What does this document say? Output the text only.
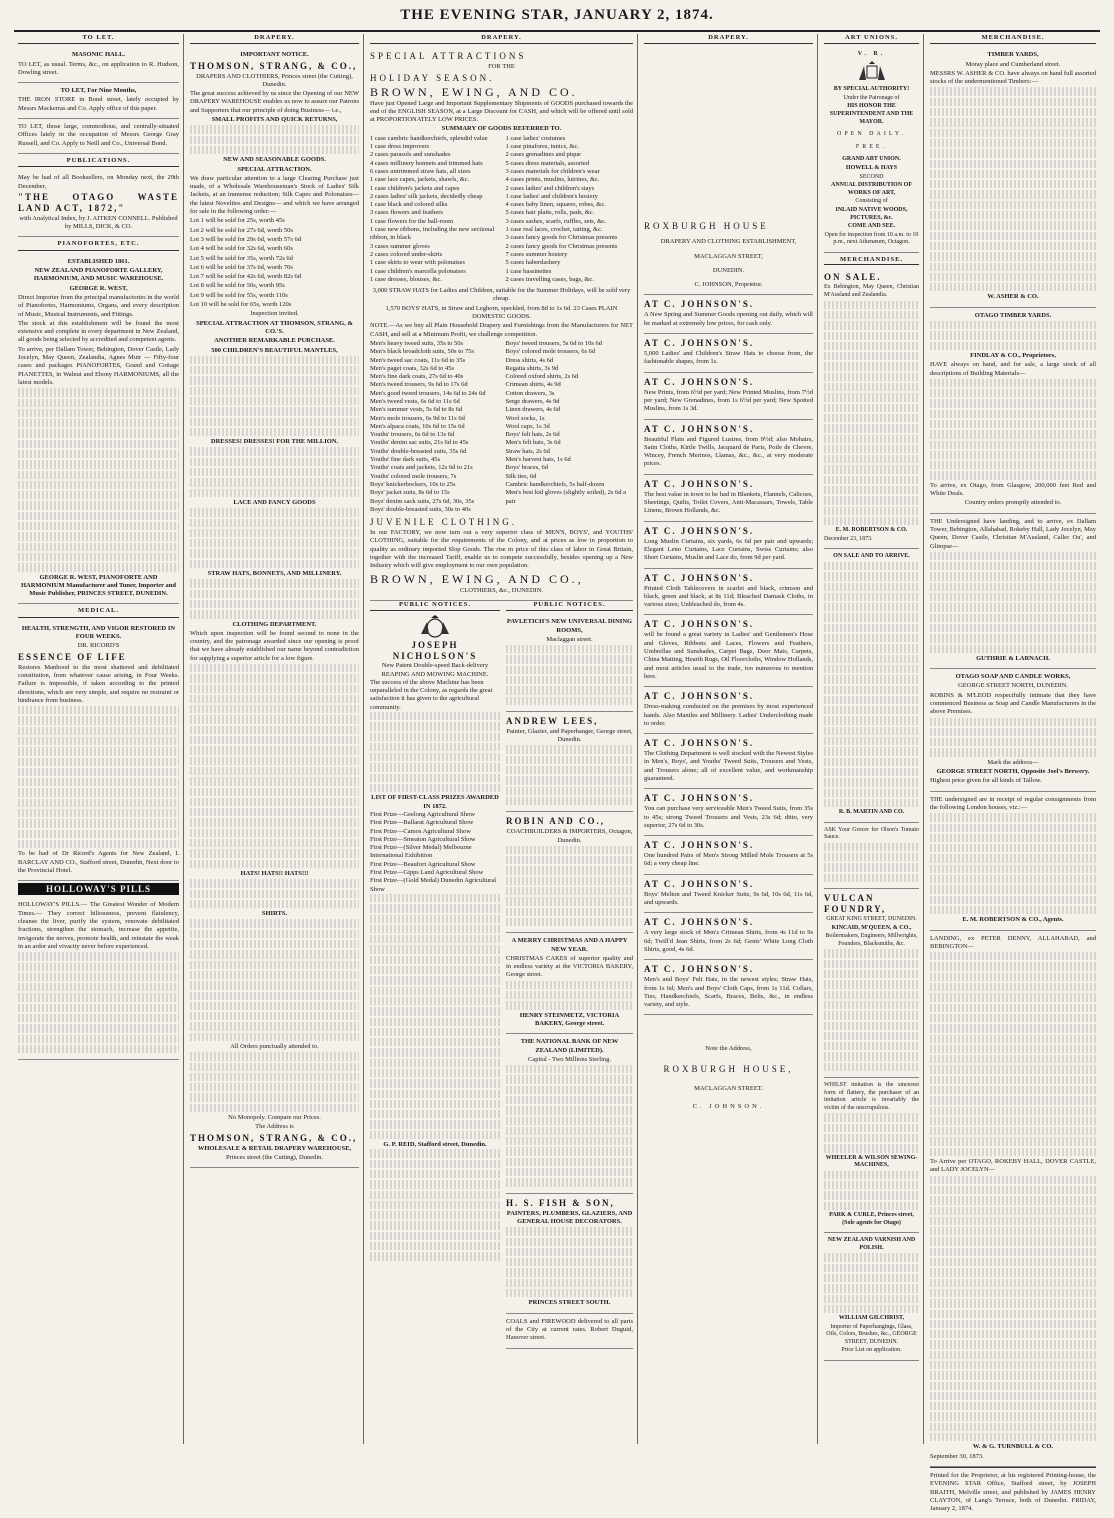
THE EVENING STAR, JANUARY 2, 1874.
TO LET.

MASONIC HALL.

TO LET, as usual. Terms, &c., on application to R. Hudson, Dowling street.

TO LET, For Nine Months,

THE IRON STORE in Bond street, lately occupied by Messrs Mackerras and Co. Apply office of this paper.

TO LET, those large, commodious, and centrally-situated Offices lately in the occupation of Messrs George Gray Russell, and Co. Apply to Neill and Co., Universal Bond.

PUBLICATIONS.

May be had of all Booksellers, on Monday next, the 29th December,

"THE OTAGO WASTE LAND ACT, 1872,"

with Analytical Index, by J. AITKEN CONNELL. Published by MILLS, DICK, & CO.

PIANOFORTES, ETC.

ESTABLISHED 1861.

NEW ZEALAND PIANOFORTE GALLERY, HARMONIUM, AND MUSIC WAREHOUSE.

GEORGE R. WEST,

Direct Importer from the principal manufactories in the world of Pianofortes, Harmoniums, Organs, and every description of Music, Musical Instruments, and Fittings.

The stock at this establishment will be found the most extensive and complete in every department in New Zealand, all goods being selected by accredited and competent agents.

To arrive, per Dallam Tower, Bebington, Dover Castle, Lady Jocelyn, May Queen, Zealandia, Agnes Muir — Fifty-four cases and packages PIANOFORTES, Grand and Cottage PIANETTES, in Walnut and Ebony HARMONIUMS, all the latest models.

GEORGE R. WEST, PIANOFORTE AND HARMONIUM Manufacturer and Tuner, Importer and Music Publisher, PRINCES STREET, DUNEDIN.

MEDICAL.

HEALTH, STRENGTH, AND VIGOR RESTORED IN FOUR WEEKS.

DR. RICORD'S

ESSENCE OF LIFE

Restores Manhood to the most shattered and debilitated constitution, from whatever cause arising, in Four Weeks. Failure is impossible, if taken according to the printed directions, which are very simple, and require no restraint or hindrance from business.

To be had of Dr Ricord's Agents for New Zealand, I. BARCLAY AND CO., Stafford street, Dunedin, Next door to the Provincial Hotel.

HOLLOWAY'S PILLS

HOLLOWAY'S PILLS.— The Greatest Wonder of Modern Times.— They correct biliousness, prevent flatulency, cleanse the liver, purify the system, renovate debilitated fractions, strengthen the stomach, increase the appetite, invigorate the nerves, promote health, and reinstate the weak in an ardor and vivacity never before experienced.

DRAPERY.

IMPORTANT NOTICE.

THOMSON, STRANG, & CO.,

DRAPERS AND CLOTHIERS, Princes street (the Cutting), Dunedin.

The great success achieved by us since the Opening of our NEW DRAPERY WAREHOUSE enables us now to assure our Patrons and Supporters that our principle of doing Business— i.e.,

SMALL PROFITS AND QUICK RETURNS,

NEW AND SEASONABLE GOODS.

SPECIAL ATTRACTION.

We draw particular attention to a large Clearing Purchase just made, of a Wholesale Warehouseman's Stock of Ladies' Silk Jackets, at an immense reduction; Silk Capes and Polonaises— the latest Novelties and Designs— and which we have arranged for sale in the following order:—

Lot 1 will be sold for 25s, worth 45s

Lot 2 will be sold for 27s 6d, worth 50s

Lot 3 will be sold for 29s 6d, worth 57s 6d

Lot 4 will be sold for 32s 6d, worth 60s

Lot 5 will be sold for 35s, worth 72s 6d

Lot 6 will be sold for 37s 6d, worth 70s

Lot 7 will be sold for 42s 6d, worth 82s 6d

Lot 8 will be sold for 50s, worth 95s

Lot 9 will be sold for 55s, worth 110s

Lot 10 will be sold for 65s, worth 120s

Inspection invited.

SPECIAL ATTRACTION AT THOMSON, STRANG, & CO.'S.

ANOTHER REMARKABLE PURCHASE.

500 CHILDREN'S BEAUTIFUL MANTLES,

DRESSES! DRESSES! FOR THE MILLION.

LACE AND FANCY GOODS

STRAW HATS, BONNETS, AND MILLINERY.

CLOTHING DEPARTMENT.

Which upon inspection will be found second to none in the country, and the patronage awarded since our opening is proof that we have already established our name beyond contradiction for supplying a superior article for a low figure.

HATS! HATS!! HATS!!!

SHIRTS.

All Orders punctually attended to.

No Monopoly. Compare our Prices.

The Address is

THOMSON, STRANG, & CO.,

WHOLESALE & RETAIL DRAPERY WAREHOUSE,

Princes street (the Cutting), Dunedin.

DRAPERY.

SPECIAL ATTRACTIONS

FOR THE

HOLIDAY SEASON.

BROWN, EWING, AND CO.

Have just Opened Large and Important Supplementary Shipments of GOODS purchased towards the end of the ENGLISH SEASON, at a Large Discount for CASH, and which will be offered until sold at PROPORTIONATELY LOW PRICES.

SUMMARY OF GOODS REFERRED TO.

1 case cambric handkerchiefs, splendid value

1 case dress improvers

2 cases parasols and sunshades

4 cases millinery bonnets and trimmed hats

6 cases untrimmed straw hats, all sizes

1 case lace capes, jackets, shawls, &c.

1 case children's jackets and capes

2 cases ladies' silk jackets, decidedly cheap

1 case black and colored silks

3 cases flowers and feathers

1 case flowers for the ball-room

1 case new ribbons, including the new sectional ribbon, in black

3 cases summer gloves

2 cases colored under-skirts

1 case skirts to wear with polonaises

1 case children's marcella polonaises

1 case dresses, blouses, &c.

1 case ladies' costumes

1 case pinafores, tunics, &c.

2 cases grenadines and pique

5 cases dress materials, assorted

3 cases materials for children's wear

4 cases prints, muslins, lutrines, &c.

2 cases ladies' and children's stays

1 case ladies' and children's hosiery

4 cases baby linen, squares, robes, &c.

5 cases hair plaits, rolls, pads, &c.

3 cases sashes, scarfs, ruffles, sets, &c.

1 case real laces, crochet, tatting, &c.

3 cases fancy goods for Christmas presents

2 cases fancy goods for Christmas presents

7 cases summer hosiery

5 cases haberdashery

1 case bassinettes

2 cases travelling cases, bags, &c.

3,000 STRAW HATS for Ladies and Children, suitable for the Summer Holidays, will be sold very cheap.

1,570 BOYS' HATS, in Straw and Leghorn, speckled, from 8d to 1s 6d. 23 Cases PLAIN DOMESTIC GOODS.

NOTE.—As we buy all Plain Household Drapery and Furnishings from the Manufacturers for NET CASH, and sell at a Minimum Profit, we challenge competition.

Men's heavy tweed suits, 35s to 50s

Men's black broadcloth suits, 50s to 75s

Men's tweed sac coats, 11s 6d to 35s

Men's paget coats, 32s 6d to 45s

Men's fine dark coats, 27s 6d to 40s

Men's tweed trousers, 9s 6d to 17s 6d

Men's good tweed trousers, 14s 6d to 24s 6d

Men's tweed vests, 6s 6d to 11s 6d

Men's summer vests, 5s 6d to 8s 6d

Men's mole trousers, 6s 9d to 11s 6d

Men's alpaca coats, 10s 6d to 15s 6d

Youths' trousers, 6s 6d to 13s 6d

Youths' denim sac suits, 21s 6d to 45s

Youths' double-breasted suits, 35s 6d

Youths' fine dark suits, 45s

Youths' coats and jackets, 12s 6d to 21s

Youths' colored mole trousers, 7s

Boys' knickerbockers, 10s to 25s

Boys' jacket suits, 8s 6d to 15s

Boys' denim sack suits, 27s 6d, 30s, 35s

Boys' double-breasted suits, 30s to 40s

Boys' tweed trousers, 5s 6d to 10s 6d

Boys' colored mole trousers, 6s 6d

Dress shirts, 4s 6d

Regatta shirts, 3s 9d

Colored oxford shirts, 2s 6d

Crimean shirts, 4s 9d

Cotton drawers, 3s

Serge drawers, 4s 9d

Linen drawers, 4s 6d

Wool socks, 1s

Wool caps, 1s 3d

Boys' felt hats, 2s 6d

Men's felt hats, 3s 6d

Straw hats, 2s 6d

Men's harvest hats, 1s 6d

Boys' braces, 6d

Silk ties, 6d

Cambric handkerchiefs, 5s half-dozen

Men's best kid gloves (slightly soiled), 2s 6d a pair

JUVENILE CLOTHING.

In our FACTORY, we now turn out a very superior class of MEN'S, BOYS', and YOUTHS' CLOTHING, suitable for the requirements of the Colony, and at prices as low in proportion to quality as ordinary imported Slop Goods. The rise in price of this class of labor in Great Britain, together with the increased Tariff, enable us to compete successfully, besides opening up a New Industry which will give employment to our own population.

BROWN, EWING, AND CO.,

CLOTHIERS, &c., DUNEDIN.

PUBLIC NOTICES.

JOSEPH NICHOLSON'S

New Patent Double-speed Back-delivery REAPING AND MOWING MACHINE.

The success of the above Machine has been unparalleled in the Colony, as regards the great satisfaction it has given to the agricultural community.

LIST OF FIRST-CLASS PRIZES AWARDED IN 1872.

First Prize—Geelong Agricultural Show

First Prize—Ballarat Agricultural Show

First Prize—Camos Agricultural Show

First Prize—Smeaton Agricultural Show

First Prize—(Silver Medal) Melbourne International Exhibition

First Prize—Beaufort Agricultural Show

First Prize—Gipps Land Agricultural Show

First Prize—(Gold Medal) Dunedin Agricultural Show

G. P. REID, Stafford street, Dunedin.

PUBLIC NOTICES.

PAVLETICH'S NEW UNIVERSAL DINING ROOMS,

Maclaggan street.

ANDREW LEES,

Painter, Glazier, and Paperhanger, George street, Dunedin.

ROBIN AND CO.,

COACHBUILDERS & IMPORTERS, Octagon, Dunedin.

A MERRY CHRISTMAS AND A HAPPY NEW YEAR.

CHRISTMAS CAKES of superior quality and in endless variety at the VICTORIA BAKERY, George street.

HENRY STEINMETZ, VICTORIA BAKERY, George street.

THE NATIONAL BANK OF NEW ZEALAND (LIMITED).

Capital - Two Millions Sterling.

H. S. FISH & SON,

PAINTERS, PLUMBERS, GLAZIERS, AND GENERAL HOUSE DECORATORS.

PRINCES STREET SOUTH.

COALS and FIREWOOD delivered to all parts of the City at current rates. Robert Duguid, Hanover street.

DRAPERY.

ROXBURGH HOUSE

DRAPERY AND CLOTHING ESTABLISHMENT,

MACLAGGAN STREET,

DUNEDIN.

C. JOHNSON, Proprietor.

AT C. JOHNSON'S.

A New Spring and Summer Goods opening out daily, which will be marked at extremely low prices, for cash only.

AT C. JOHNSON'S.

5,000 Ladies' and Children's Straw Hats to choose from, the fashionable shapes, from 1s.

AT C. JOHNSON'S.

New Prints, from 6½d per yard; New Printed Muslins, from 7½d per yard; New Grenadines, from 1s 6½d per yard; New Spotted Muslins, from 1s 3d.

AT C. JOHNSON'S.

Beautiful Plain and Figured Lustres, from 9½d; also Mohairs, Satin Cloths, Kirtle Twills, Jacquard de Paris, Poile de Chevre, Wincey, French Merinos, Llamas, &c., &c., at very moderate prices.

AT C. JOHNSON'S.

The best value in town to be had in Blankets, Flannels, Calicoes, Sheetings, Quilts, Toilet Covers, Anti-Macassars, Towels, Table Linens, Brown Hollands, &c.

AT C. JOHNSON'S.

Long Muslin Curtains, six yards, 6s 6d per pair and upwards; Elegant Leno Curtains, Lace Curtains, Swiss Curtains; also Short Curtains, Muslin and Lace do, from 9d per yard.

AT C. JOHNSON'S.

Printed Cloth Tablecovers in scarlet and black, crimson and black, green and black, at 8s 11d; Bleached Damask Cloths, in various sizes; Unbleached do, from 4s.

AT C. JOHNSON'S.

will be found a great variety in Ladies' and Gentlemen's Hose and Gloves, Ribbons and Laces, Flowers and Feathers, Umbrellas and Sunshades, Carpet Bags, Door Mats, Carpets, China Matting, Hearth Rugs, Oil Floorcloths, Window Hollands, and most articles usual to the trade, too numerous to mention here.

AT C. JOHNSON'S.

Dress-making conducted on the premises by most experienced hands. Also Mantles and Millinery. Ladies' Underclothing made to order.

AT C. JOHNSON'S.

The Clothing Department is well stocked with the Newest Styles in Men's, Boys', and Youths' Tweed Suits, Trousers and Vests, and Trousers alone; all of excellent value, and workmanship guaranteed.

AT C. JOHNSON'S.

You can purchase very serviceable Men's Tweed Suits, from 35s to 45s; strong Tweed Trousers and Vests, 23s 6d; ditto, very superior, 27s 6d to 30s.

AT C. JOHNSON'S.

One hundred Pairs of Men's Strong Milled Mole Trousers at 5s 6d; a very cheap line.

AT C. JOHNSON'S.

Boys' Melton and Tweed Knicker Suits, 9s 6d, 10s 6d, 11s 6d, and upwards.

AT C. JOHNSON'S.

A very large stock of Men's Crimean Shirts, from 4s 11d to 9s 6d; Twill'd Jean Shirts, from 2s 6d; Gents' White Long Cloth Shirts, good, 4s 6d.

AT C. JOHNSON'S.

Men's and Boys' Felt Hats, in the newest styles; Straw Hats, from 1s 6d; Men's and Boys' Cloth Caps, from 1s 11d. Collars, Ties, Handkerchiefs, Scarfs, Braces, Belts, &c., in endless variety, and style.

Note the Address,

ROXBURGH HOUSE,

MACLAGGAN STREET.

C. JOHNSON.

ART UNIONS.

V. R.

BY SPECIAL AUTHORITY!

Under the Patronage of

HIS HONOR THE SUPERINTENDENT AND THE MAYOR.

OPEN DAILY.

FREE.

GRAND ART UNION.

HOWELL & HAYS

SECOND

ANNUAL DISTRIBUTION OF WORKS OF ART,

Consisting of

INLAID NATIVE WOODS, PICTURES, &c.

COME AND SEE.

Open for inspection from 10 a.m. to 10 p.m., next Athenæum, Octagon.

MERCHANDISE.

ON SALE.

Ex Bebington, May Queen, Christian M'Ausland and Zealandia.

E. M. ROBERTSON & CO.

December 23, 1873.

ON SALE AND TO ARRIVE.

R. B. MARTIN AND CO.

ASK Your Grocer for Olson's Tomato Sauce.

VULCAN FOUNDRY,

GREAT KING STREET, DUNEDIN.

KINCAID, M'QUEEN, & CO.,

Boilermakers, Engineers, Millwrights, Founders, Blacksmiths, &c.

WHILST imitation is the sincerest form of flattery, the purchaser of an imitation article is invariably the victim of the unscrupulous.

WHEELER & WILSON SEWING-MACHINES,

PARK & CURLE, Princes street, (Sole agents for Otago)

NEW ZEALAND VARNISH AND POLISH.

WILLIAM GILCHRIST,

Importer of Paperhangings, Glass, Oils, Colors, Brushes, &c., GEORGE STREET, DUNEDIN.

Price List on application.

MERCHANDISE.

TIMBER YARDS,

Moray place and Cumberland street.

MESSRS W. ASHER & CO. have always on hand full assorted stocks of the undermentioned Timbers:—

W. ASHER & CO.

OTAGO TIMBER YARDS.

FINDLAY & CO., Proprietors,

HAVE always on hand, and for sale, a large stock of all descriptions of Building Materials—

To arrive, ex Otago, from Glasgow, 200,000 feet Red and White Deals.

Country orders promptly attended to.

THE Undersigned have landing, and to arrive, ex Dallam Tower, Bebington, Allahabad, Rokeby Hall, Lady Jocelyn, May Queen, Dover Castle, Christian M'Ausland, Caller Ou', and Glimpse—

GUTHRIE & LARNACH.

OTAGO SOAP AND CANDLE WORKS,

GEORGE STREET NORTH, DUNEDIN.

ROBINS & M'LEOD respectfully intimate that they have commenced Business as Soap and Candle Manufacturers in the above Premises.

Mark the address—

GEORGE STREET NORTH, Opposite Joel's Brewery.

Highest price given for all kinds of Tallow.

THE undersigned are in receipt of regular consignments from the following London houses, viz.:—

E. M. ROBERTSON & CO., Agents.

LANDING, ex PETER DENNY, ALLAHABAD, and BEBINGTON—

To Arrive per OTAGO, ROKEBY HALL, DOVER CASTLE, and LADY JOCELYN—

W. & G. TURNBULL & CO.

September 30, 1873.

Printed for the Proprietor, at his registered Printing-house, the EVENING STAR Office, Stafford street, by JOSEPH BRAITH, Melville street, and published by JAMES HENRY CLAYTON, of Lang's Terrace, both of Dunedin. FRIDAY, January 2, 1874.
